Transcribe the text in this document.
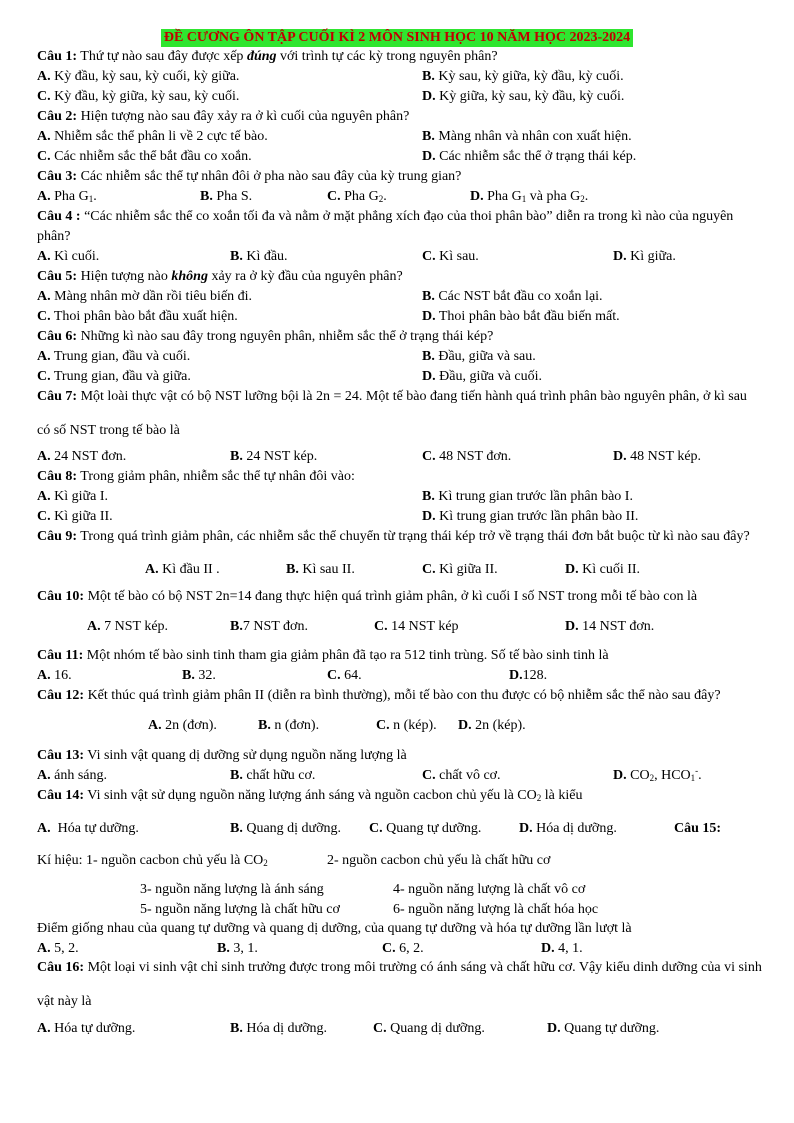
ĐỀ CƯƠNG ÔN TẬP CUỐI KÌ 2 MÔN SINH HỌC 10 NĂM HỌC 2023-2024
Câu 1: Thứ tự nào sau đây được xếp đúng với trình tự các kỳ trong nguyên phân?
A. Kỳ đầu, kỳ sau, kỳ cuối, kỳ giữa.	B. Kỳ sau, kỳ giữa, kỳ đầu, kỳ cuối.
C. Kỳ đầu, kỳ giữa, kỳ sau, kỳ cuối.	D. Kỳ giữa, kỳ sau, kỳ đầu, kỳ cuối.
Câu 2: Hiện tượng nào sau đây xảy ra ở kì cuối của nguyên phân?
A. Nhiễm sắc thể phân li về 2 cực tế bào.	B. Màng nhân và nhân con xuất hiện.
C. Các nhiễm sắc thể bắt đầu co xoắn.	D. Các nhiễm sắc thể ở trạng thái kép.
Câu 3: Các nhiễm sắc thể tự nhân đôi ở pha nào sau đây của kỳ trung gian?
A. Pha $G_1$.	B. Pha S.	C. Pha $G_2$.	D. Pha $G_1$ và pha $G_2$.
Câu 4 : “Các nhiễm sắc thể co xoắn tối đa và nằm ở mặt phẳng xích đạo của thoi phân bào” diễn ra trong kì nào của nguyên phân?
A. Kì cuối.	B. Kì đầu.	C. Kì sau.	D. Kì giữa.
Câu 5: Hiện tượng nào không xảy ra ở kỳ đầu của nguyên phân?
A. Màng nhân mờ dần rồi tiêu biến đi.	B. Các NST bắt đầu co xoắn lại.
C. Thoi phân bào bắt đầu xuất hiện.	D. Thoi phân bào bắt đầu biến mất.
Câu 6: Những kì nào sau đây trong nguyên phân, nhiễm sắc thể ở trạng thái kép?
A. Trung gian, đầu và cuối.	B. Đầu, giữa và sau.
C. Trung gian, đầu và giữa.	D. Đầu, giữa và cuối.
Câu 7: Một loài thực vật có bộ NST lưỡng bội là 2n = 24. Một tế bào đang tiến hành quá trình phân bào nguyên phân, ở kì sau có số NST trong tế bào là
A. 24 NST đơn.	B. 24 NST kép.	C. 48 NST đơn.	D. 48 NST kép.
Câu 8: Trong giảm phân, nhiễm sắc thể tự nhân đôi vào:
A. Kì giữa I.	B. Kì trung gian trước lần phân bào I.
C. Kì giữa II.	D. Kì trung gian trước lần phân bào II.
Câu 9: Trong quá trình giảm phân, các nhiễm sắc thể chuyển từ trạng thái kép trở về trạng thái đơn bắt buộc từ kì nào sau đây?
A. Kì đầu II .	B. Kì sau II.	C. Kì giữa II.	D. Kì cuối II.
Câu 10: Một tế bào có bộ NST 2n=14 đang thực hiện quá trình giảm phân, ở kì cuối I số NST trong mỗi tế bào con là
A. 7 NST kép.	B.7 NST đơn.	C. 14 NST kép	D. 14 NST đơn.
Câu 11: Một nhóm tế bào sinh tinh tham gia giảm phân đã tạo ra 512 tinh trùng. Số tế bào sinh tinh là
A. 16.	B. 32.	C. 64.	D.128.
Câu 12: Kết thúc quá trình giảm phân II (diễn ra bình thường), mỗi tế bào con thu được có bộ nhiễm sắc thể nào sau đây?
A. 2n (đơn).	B. n (đơn).	C. n (kép). D. 2n (kép).
Câu 13: Vi sinh vật quang dị dưỡng sử dụng nguồn năng lượng là
A. ánh sáng.	B. chất hữu cơ.	C. chất vô cơ.	D. $CO_2$, $HCO_1^-$.
Câu 14: Vi sinh vật sử dụng nguồn năng lượng ánh sáng và nguồn cacbon chủ yếu là $CO_2$ là kiểu
A. Hóa tự dưỡng.	B. Quang dị dưỡng. C. Quang tự dưỡng.	D. Hóa dị dưỡng.	Câu 15:
Kí hiệu: 1- nguồn cacbon chủ yếu là $CO_2$	2- nguồn cacbon chủ yếu là chất hữu cơ
3- nguồn năng lượng là ánh sáng	4- nguồn năng lượng là chất vô cơ
5- nguồn năng lượng là chất hữu cơ	6- nguồn năng lượng là chất hóa học
Điểm giống nhau của quang tự dưỡng và quang dị dưỡng, của quang tự dưỡng và hóa tự dưỡng lần lượt là
A. 5, 2.	B. 3, 1.	C. 6, 2.	D. 4, 1.
Câu 16: Một loại vi sinh vật chỉ sinh trưởng được trong môi trường có ánh sáng và chất hữu cơ. Vậy kiểu dinh dưỡng của vi sinh vật này là
A. Hóa tự dưỡng.	B. Hóa dị dưỡng.	C. Quang dị dưỡng.	D. Quang tự dưỡng.
